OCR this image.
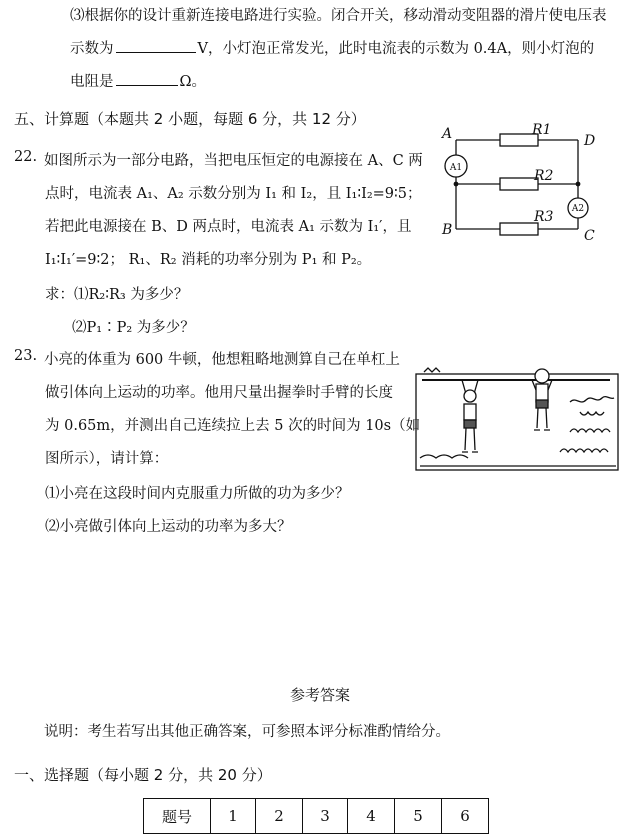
⑶根据你的设计重新连接电路进行实验。闭合开关，移动滑动变阻器的滑片使电压表
示数为	V，小灯泡正常发光，此时电流表的示数为 0.4A，则小灯泡的
电阻是	Ω。
五、计算题（本题共 2 小题，每题 6 分，共 12 分）
22. 如图所示为一部分电路，当把电压恒定的电源接在 A、C 两
点时，电流表 A₁、A₂ 示数分别为 I₁ 和 I₂，且 I₁∶I₂=9∶5；
若把此电源接在 B、D 两点时，电流表 A₁ 示数为 I₁′，且
I₁∶I₁′=9∶2； R₁、R₂ 消耗的功率分别为 P₁ 和 P₂。
求：⑴R₂∶R₃ 为多少？
⑵P₁∶P₂ 为多少？
A
B	C
D
R1
R2
R3
A1
A2
23. 小亮的体重为 600 牛顿，他想粗略地测算自己在单杠上
做引体向上运动的功率。他用尺量出握拳时手臂的长度
为 0.65m，并测出自己连续拉上去 5 次的时间为 10s（如
图所示），请计算：
⑴小亮在这段时间内克服重力所做的功为多少？
⑵小亮做引体向上运动的功率为多大？
参考答案
说明：考生若写出其他正确答案，可参照本评分标准酌情给分。
一、选择题（每小题 2 分，共 20 分）
题号	1	2	3	4	5	6
